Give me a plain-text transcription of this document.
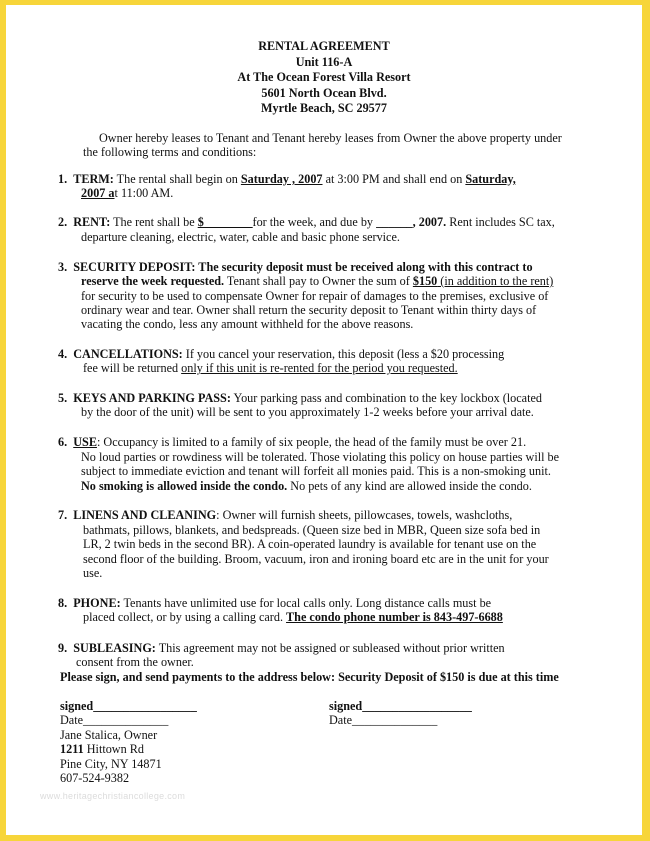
RENTAL AGREEMENT
Unit 116-A
At The Ocean Forest Villa Resort
5601 North Ocean Blvd.
Myrtle Beach, SC 29577
Owner hereby leases to Tenant and Tenant hereby leases from Owner the above property under
the following terms and conditions:
1. TERM: The rental shall begin on Saturday , 2007 at 3:00 PM and shall end on Saturday,
2007 at 11:00 AM.
2. RENT: The rent shall be $________for the week, and due by ______, 2007. Rent includes SC tax,
departure cleaning, electric, water, cable and basic phone service.
3. SECURITY DEPOSIT: The security deposit must be received along with this contract to
reserve the week requested. Tenant shall pay to Owner the sum of $150 (in addition to the rent)
for security to be used to compensate Owner for repair of damages to the premises, exclusive of
ordinary wear and tear. Owner shall return the security deposit to Tenant within thirty days of
vacating the condo, less any amount withheld for the above reasons.
4. CANCELLATIONS: If you cancel your reservation, this deposit (less a $20 processing
fee will be returned only if this unit is re-rented for the period you requested.
5. KEYS AND PARKING PASS: Your parking pass and combination to the key lockbox (located
by the door of the unit) will be sent to you approximately 1-2 weeks before your arrival date.
6. USE: Occupancy is limited to a family of six people, the head of the family must be over 21.
No loud parties or rowdiness will be tolerated. Those violating this policy on house parties will be
subject to immediate eviction and tenant will forfeit all monies paid. This is a non-smoking unit.
No smoking is allowed inside the condo. No pets of any kind are allowed inside the condo.
7. LINENS AND CLEANING: Owner will furnish sheets, pillowcases, towels, washcloths,
bathmats, pillows, blankets, and bedspreads. (Queen size bed in MBR, Queen size sofa bed in
LR, 2 twin beds in the second BR). A coin-operated laundry is available for tenant use on the
second floor of the building. Broom, vacuum, iron and ironing board etc are in the unit for your
use.
8. PHONE: Tenants have unlimited use for local calls only. Long distance calls must be
placed collect, or by using a calling card. The condo phone number is 843-497-6688
9. SUBLEASING: This agreement may not be assigned or subleased without prior written
consent from the owner.
Please sign, and send payments to the address below: Security Deposit of $150 is due at this time
signed_________________
Date______________
Jane Stalica, Owner
1211 Hittown Rd
Pine City, NY 14871
607-524-9382
signed__________________
Date______________
www.heritagechristiancollege.com
